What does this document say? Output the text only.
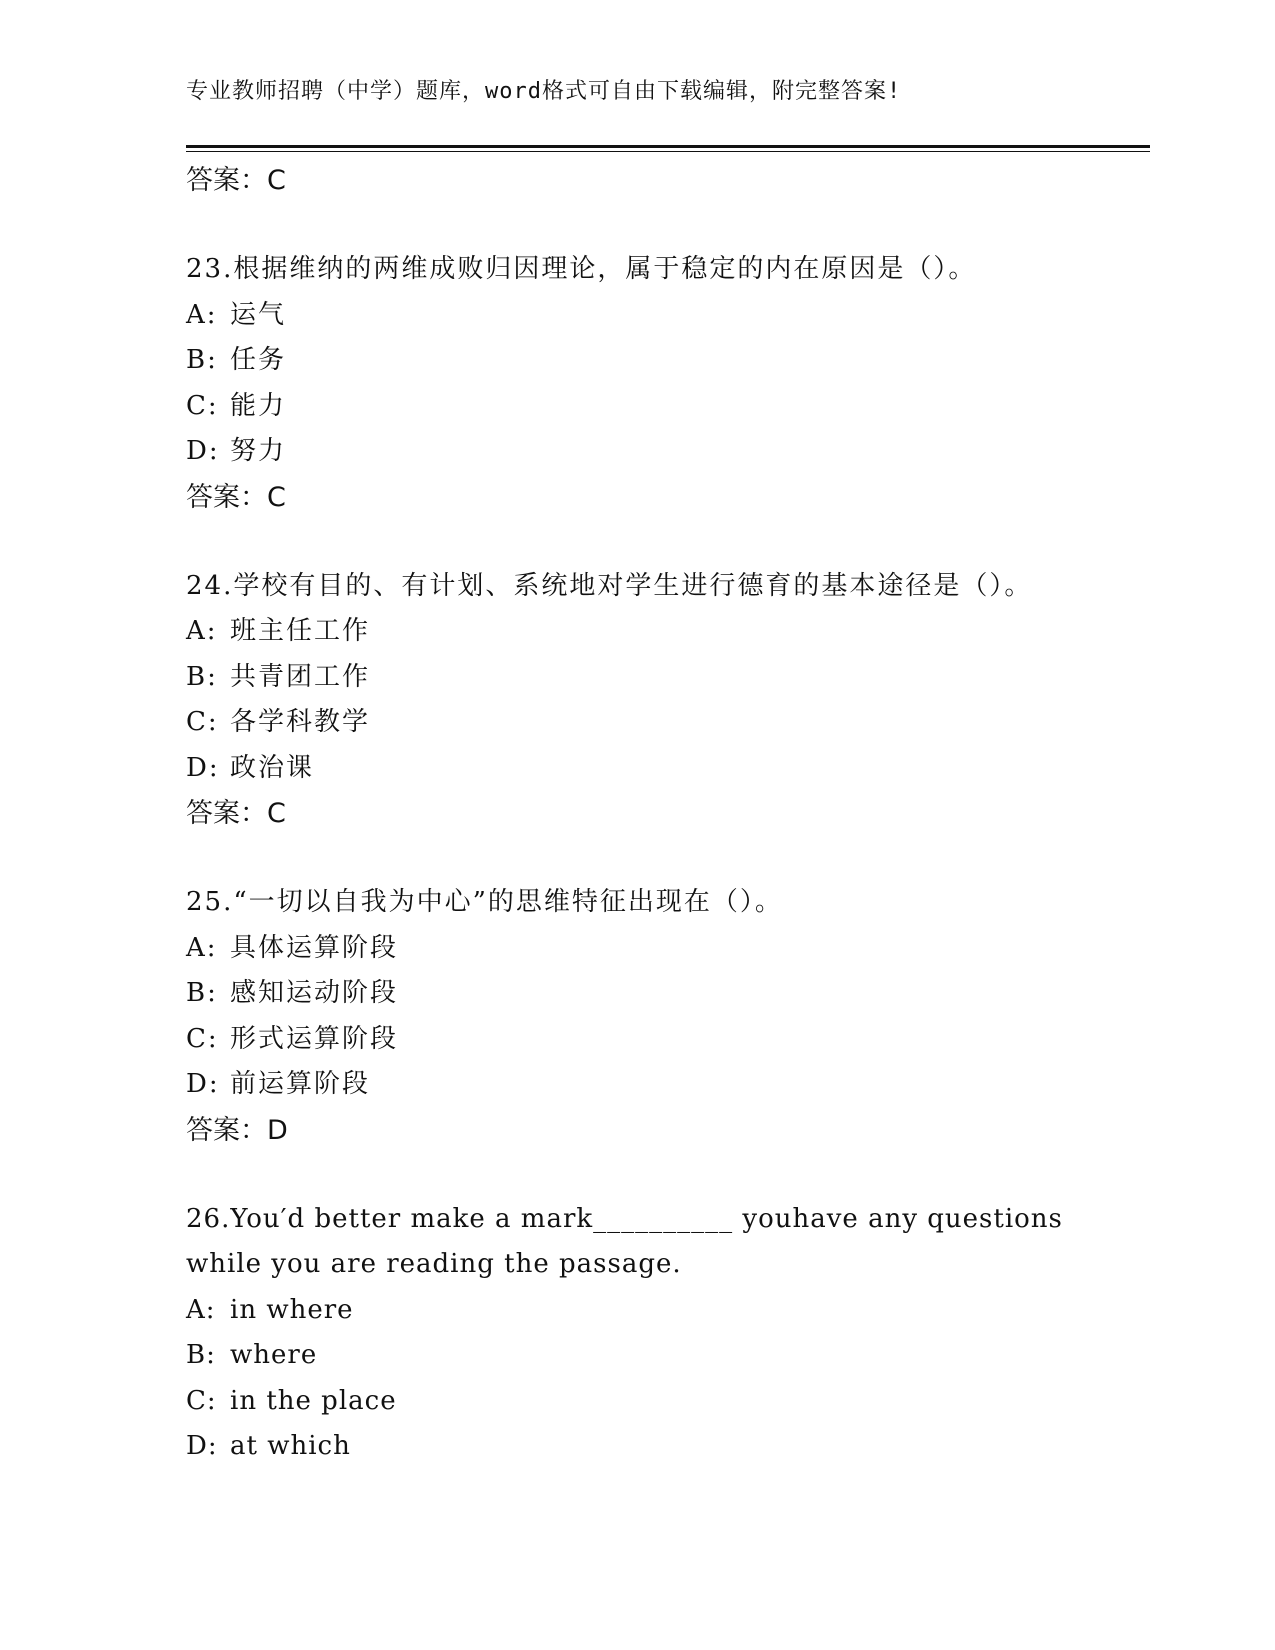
专业教师招聘（中学）题库，word格式可自由下载编辑，附完整答案!
答案：C
23.根据维纳的两维成败归因理论，属于稳定的内在原因是（）。
A: 运气
B: 任务
C: 能力
D: 努力
答案：C
24.学校有目的、有计划、系统地对学生进行德育的基本途径是（）。
A: 班主任工作
B: 共青团工作
C: 各学科教学
D: 政治课
答案：C
25.“一切以自我为中心”的思维特征出现在（）。
A: 具体运算阶段
B: 感知运动阶段
C: 形式运算阶段
D: 前运算阶段
答案：D
26.You′d better make a mark__________ youhave any questions
while you are reading the passage.
A: in where
B: where
C: in the place
D: at which
